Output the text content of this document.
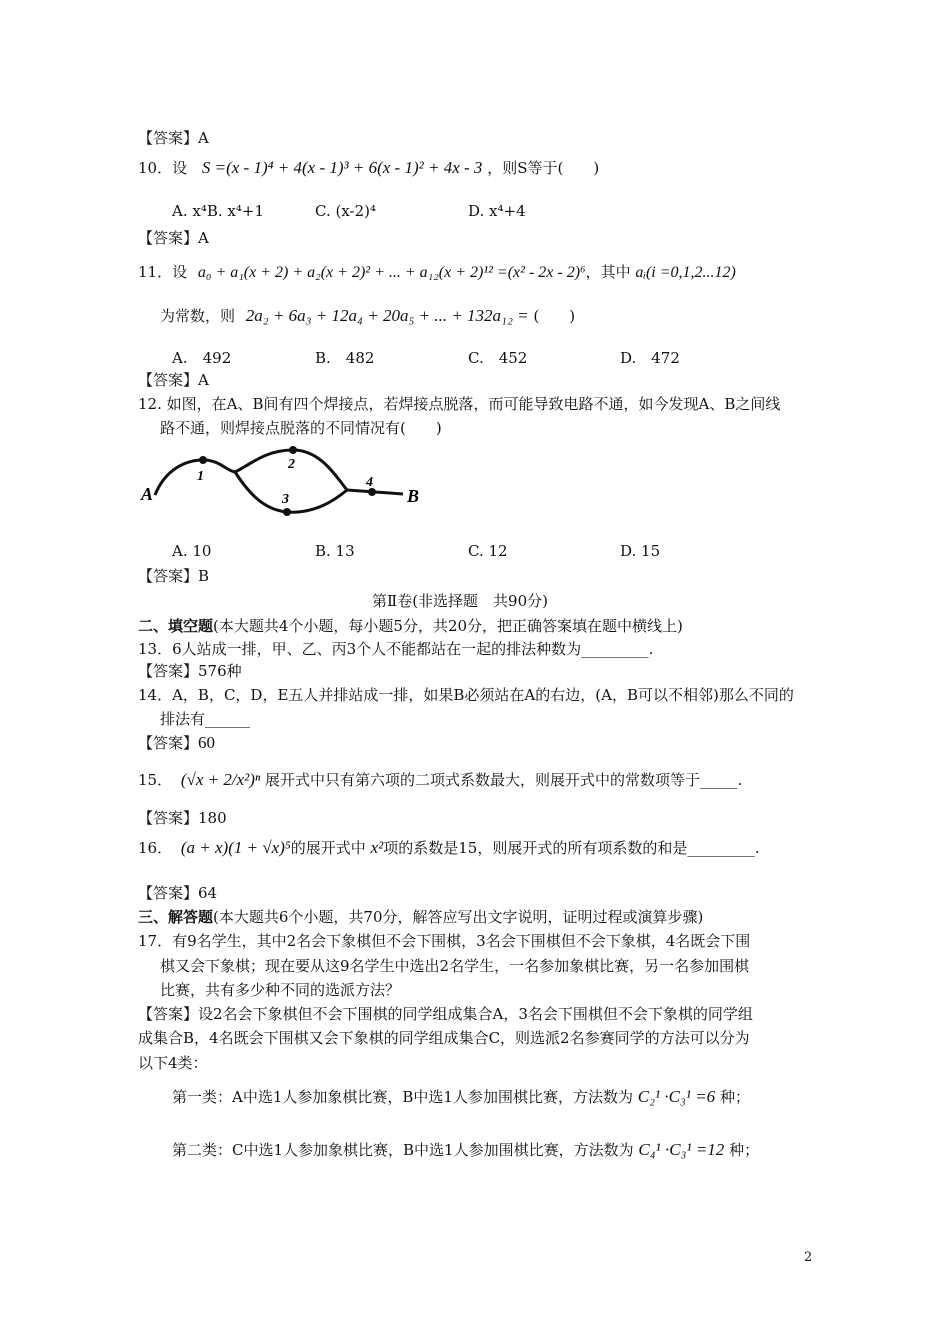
【答案】A
10．设 S =(x - 1)⁴ + 4(x - 1)³ + 6(x - 1)² + 4x - 3 ，则S等于(　　)
A. x⁴B. x⁴+1	C. (x-2)⁴	D. x⁴+4
【答案】A
11．设 a₀ + a₁(x + 2) + a₂(x + 2)² + ... + a₁₂(x + 2)¹² =(x² - 2x - 2)⁶，其中 aᵢ(i =0,1,2...12)
为常数，则 2a₂ + 6a₃ + 12a₄ + 20a₅ + ... + 132a₁₂ = (　　)
A.　492	B.　482	C.　452	D.　472
【答案】A
12. 如图，在A、B间有四个焊接点，若焊接点脱落，而可能导致电路不通，如今发现A、B之间线
路不通，则焊接点脱落的不同情况有(　　)
A	B
1
2
3
4
A. 10	B. 13	C. 12	D. 15
【答案】B
第Ⅱ卷(非选择题　共90分)
二、填空题(本大题共4个小题，每小题5分，共20分，把正确答案填在题中横线上)
13．6人站成一排，甲、乙、丙3个人不能都站在一起的排法种数为_________.
【答案】576种
14．A，B，C，D，E五人并排站成一排，如果B必须站在A的右边，(A，B可以不相邻)那么不同的
排法有______
【答案】60
15． (√x + 2/x²)ⁿ 展开式中只有第六项的二项式系数最大，则展开式中的常数项等于_____.
【答案】180
16． (a + x)(1 + √x)⁵的展开式中 x²项的系数是15，则展开式的所有项系数的和是_________.
【答案】64
三、解答题(本大题共6个小题，共70分，解答应写出文字说明，证明过程或演算步骤)
17．有9名学生，其中2名会下象棋但不会下围棋，3名会下围棋但不会下象棋，4名既会下围
棋又会下象棋；现在要从这9名学生中选出2名学生，一名参加象棋比赛，另一名参加围棋
比赛，共有多少种不同的选派方法？
【答案】设2名会下象棋但不会下围棋的同学组成集合A，3名会下围棋但不会下象棋的同学组
成集合B，4名既会下围棋又会下象棋的同学组成集合C，则选派2名参赛同学的方法可以分为
以下4类：
第一类：A中选1人参加象棋比赛，B中选1人参加围棋比赛，方法数为 C₂¹ ·C₃¹ =6 种；
第二类：C中选1人参加象棋比赛，B中选1人参加围棋比赛，方法数为 C₄¹ ·C₃¹ =12 种；
2
